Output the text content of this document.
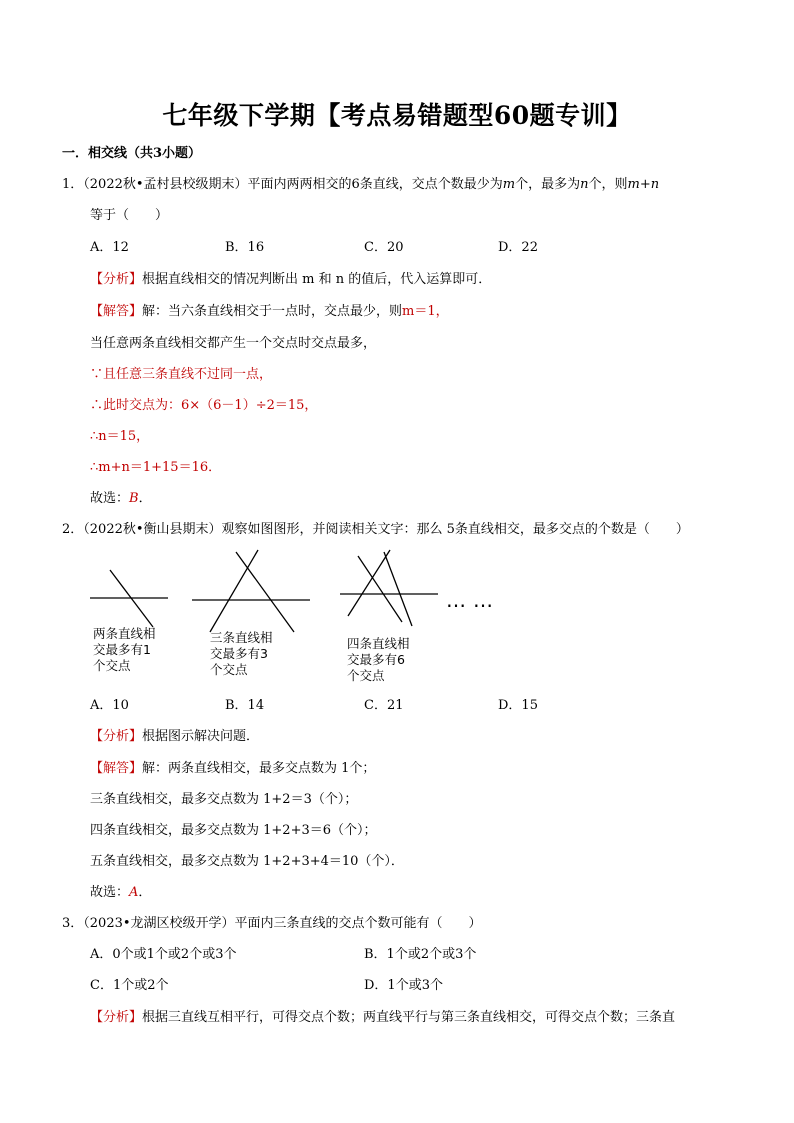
七年级下学期【考点易错题型60题专训】
一．相交线（共3小题）
1．（2022秋•孟村县校级期末）平面内两两相交的6条直线，交点个数最少为m个，最多为n个，则m+n
等于（　　）
A．12	B．16	C．20	D．22
【分析】根据直线相交的情况判断出 m 和 n 的值后，代入运算即可．
【解答】解：当六条直线相交于一点时，交点最少，则m＝1，
当任意两条直线相交都产生一个交点时交点最多，
∵且任意三条直线不过同一点，
∴此时交点为：6×（6－1）÷2＝15，
∴n＝15，
∴m+n＝1+15＝16．
故选：B．
2．（2022秋•衡山县期末）观察如图图形，并阅读相关文字：那么 5条直线相交，最多交点的个数是（　　）
两条直线相
交最多有1
个交点
三条直线相
交最多有3
个交点
四条直线相
交最多有6
个交点
……
A．10	B．14	C．21	D．15
【分析】根据图示解决问题．
【解答】解：两条直线相交，最多交点数为 1个；
三条直线相交，最多交点数为 1+2＝3（个）；
四条直线相交，最多交点数为 1+2+3＝6（个）；
五条直线相交，最多交点数为 1+2+3+4＝10（个）．
故选：A．
3．（2023•龙湖区校级开学）平面内三条直线的交点个数可能有（　　）
A．0个或1个或2个或3个	B．1个或2个或3个
C．1个或2个	D．1个或3个
【分析】根据三直线互相平行，可得交点个数；两直线平行与第三条直线相交，可得交点个数；三条直
